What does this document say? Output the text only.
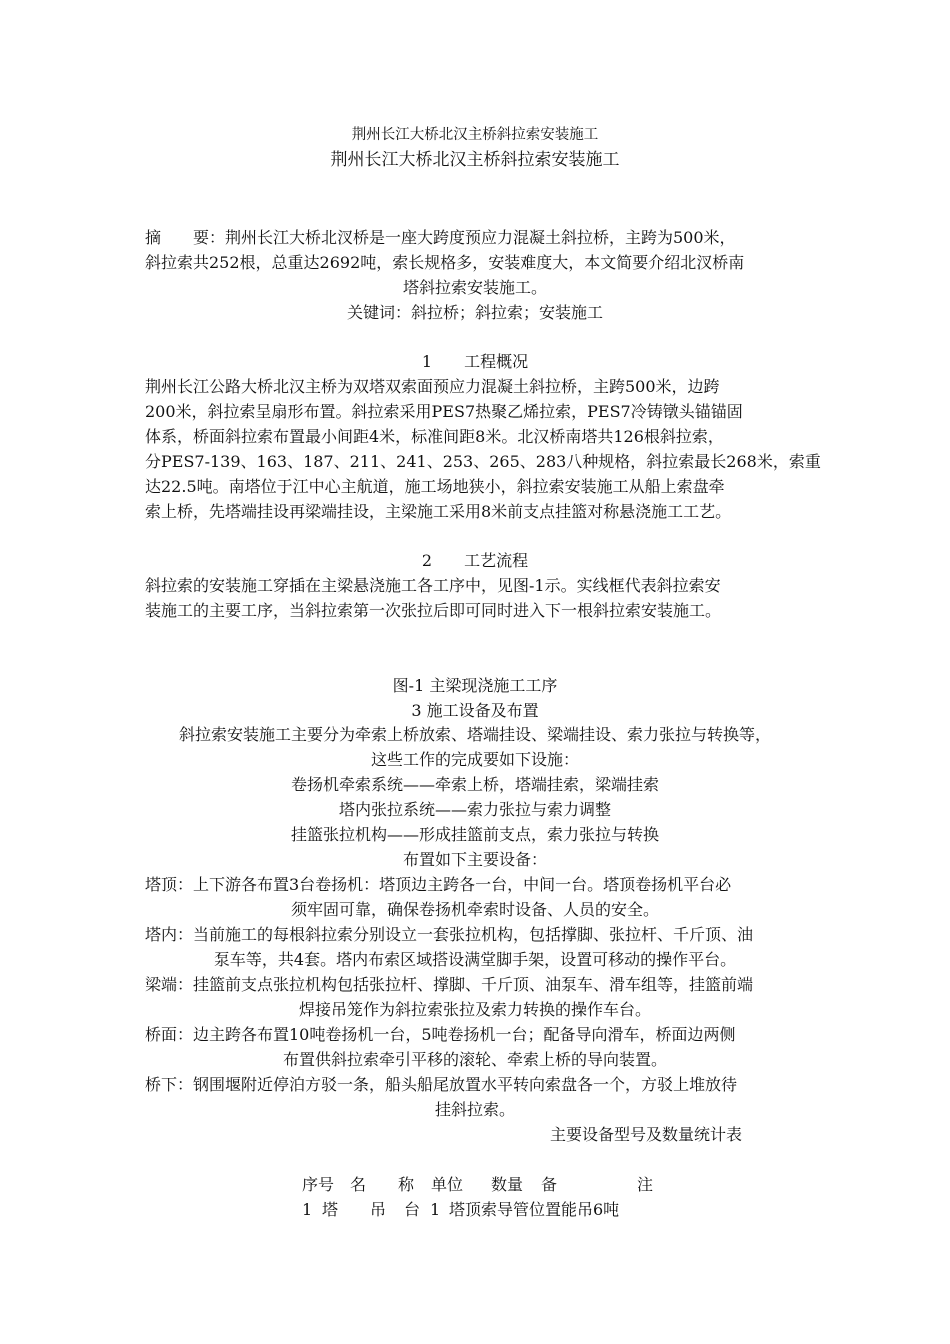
荆州长江大桥北汉主桥斜拉索安装施工
荆州长江大桥北汉主桥斜拉索安装施工
摘　　要：荆州长江大桥北汊桥是一座大跨度预应力混凝土斜拉桥，主跨为500米，
斜拉索共252根，总重达2692吨，索长规格多，安装难度大，本文简要介绍北汊桥南
塔斜拉索安装施工。
关键词：斜拉桥；斜拉索；安装施工
1　　工程概况
荆州长江公路大桥北汉主桥为双塔双索面预应力混凝土斜拉桥，主跨500米，边跨
200米，斜拉索呈扇形布置。斜拉索采用PES7热聚乙烯拉索，PES7冷铸镦头锚锚固
体系，桥面斜拉索布置最小间距4米，标准间距8米。北汉桥南塔共126根斜拉索，
分PES7-139、163、187、211、241、253、265、283八种规格，斜拉索最长268米，索重
达22.5吨。南塔位于江中心主航道，施工场地狭小，斜拉索安装施工从船上索盘牵
索上桥，先塔端挂设再梁端挂设，主梁施工采用8米前支点挂篮对称悬浇施工工艺。
2　　工艺流程
斜拉索的安装施工穿插在主梁悬浇施工各工序中，见图-1示。实线框代表斜拉索安
装施工的主要工序，当斜拉索第一次张拉后即可同时进入下一根斜拉索安装施工。
图-1 主梁现浇施工工序
3 施工设备及布置
斜拉索安装施工主要分为牵索上桥放索、塔端挂设、梁端挂设、索力张拉与转换等，
这些工作的完成要如下设施：
卷扬机牵索系统——牵索上桥，塔端挂索，梁端挂索
塔内张拉系统——索力张拉与索力调整
挂篮张拉机构——形成挂篮前支点，索力张拉与转换
布置如下主要设备：
塔顶：上下游各布置3台卷扬机：塔顶边主跨各一台，中间一台。塔顶卷扬机平台必
须牢固可靠，确保卷扬机牵索时设备、人员的安全。
塔内：当前施工的每根斜拉索分别设立一套张拉机构，包括撑脚、张拉杆、千斤顶、油
泵车等，共4套。塔内布索区域搭设满堂脚手架，设置可移动的操作平台。
梁端：挂篮前支点张拉机构包括张拉杆、撑脚、千斤顶、油泵车、滑车组等，挂篮前端
焊接吊笼作为斜拉索张拉及索力转换的操作车台。
桥面：边主跨各布置10吨卷扬机一台，5吨卷扬机一台；配备导向滑车，桥面边两侧
布置供斜拉索牵引平移的滚轮、牵索上桥的导向装置。
桥下：钢围堰附近停泊方驳一条，船头船尾放置水平转向索盘各一个，方驳上堆放待
挂斜拉索。
主要设备型号及数量统计表
序号 名　　称 单位 数量 备　　　　　注
1 塔　　吊 台 1 塔顶索导管位置能吊6吨
